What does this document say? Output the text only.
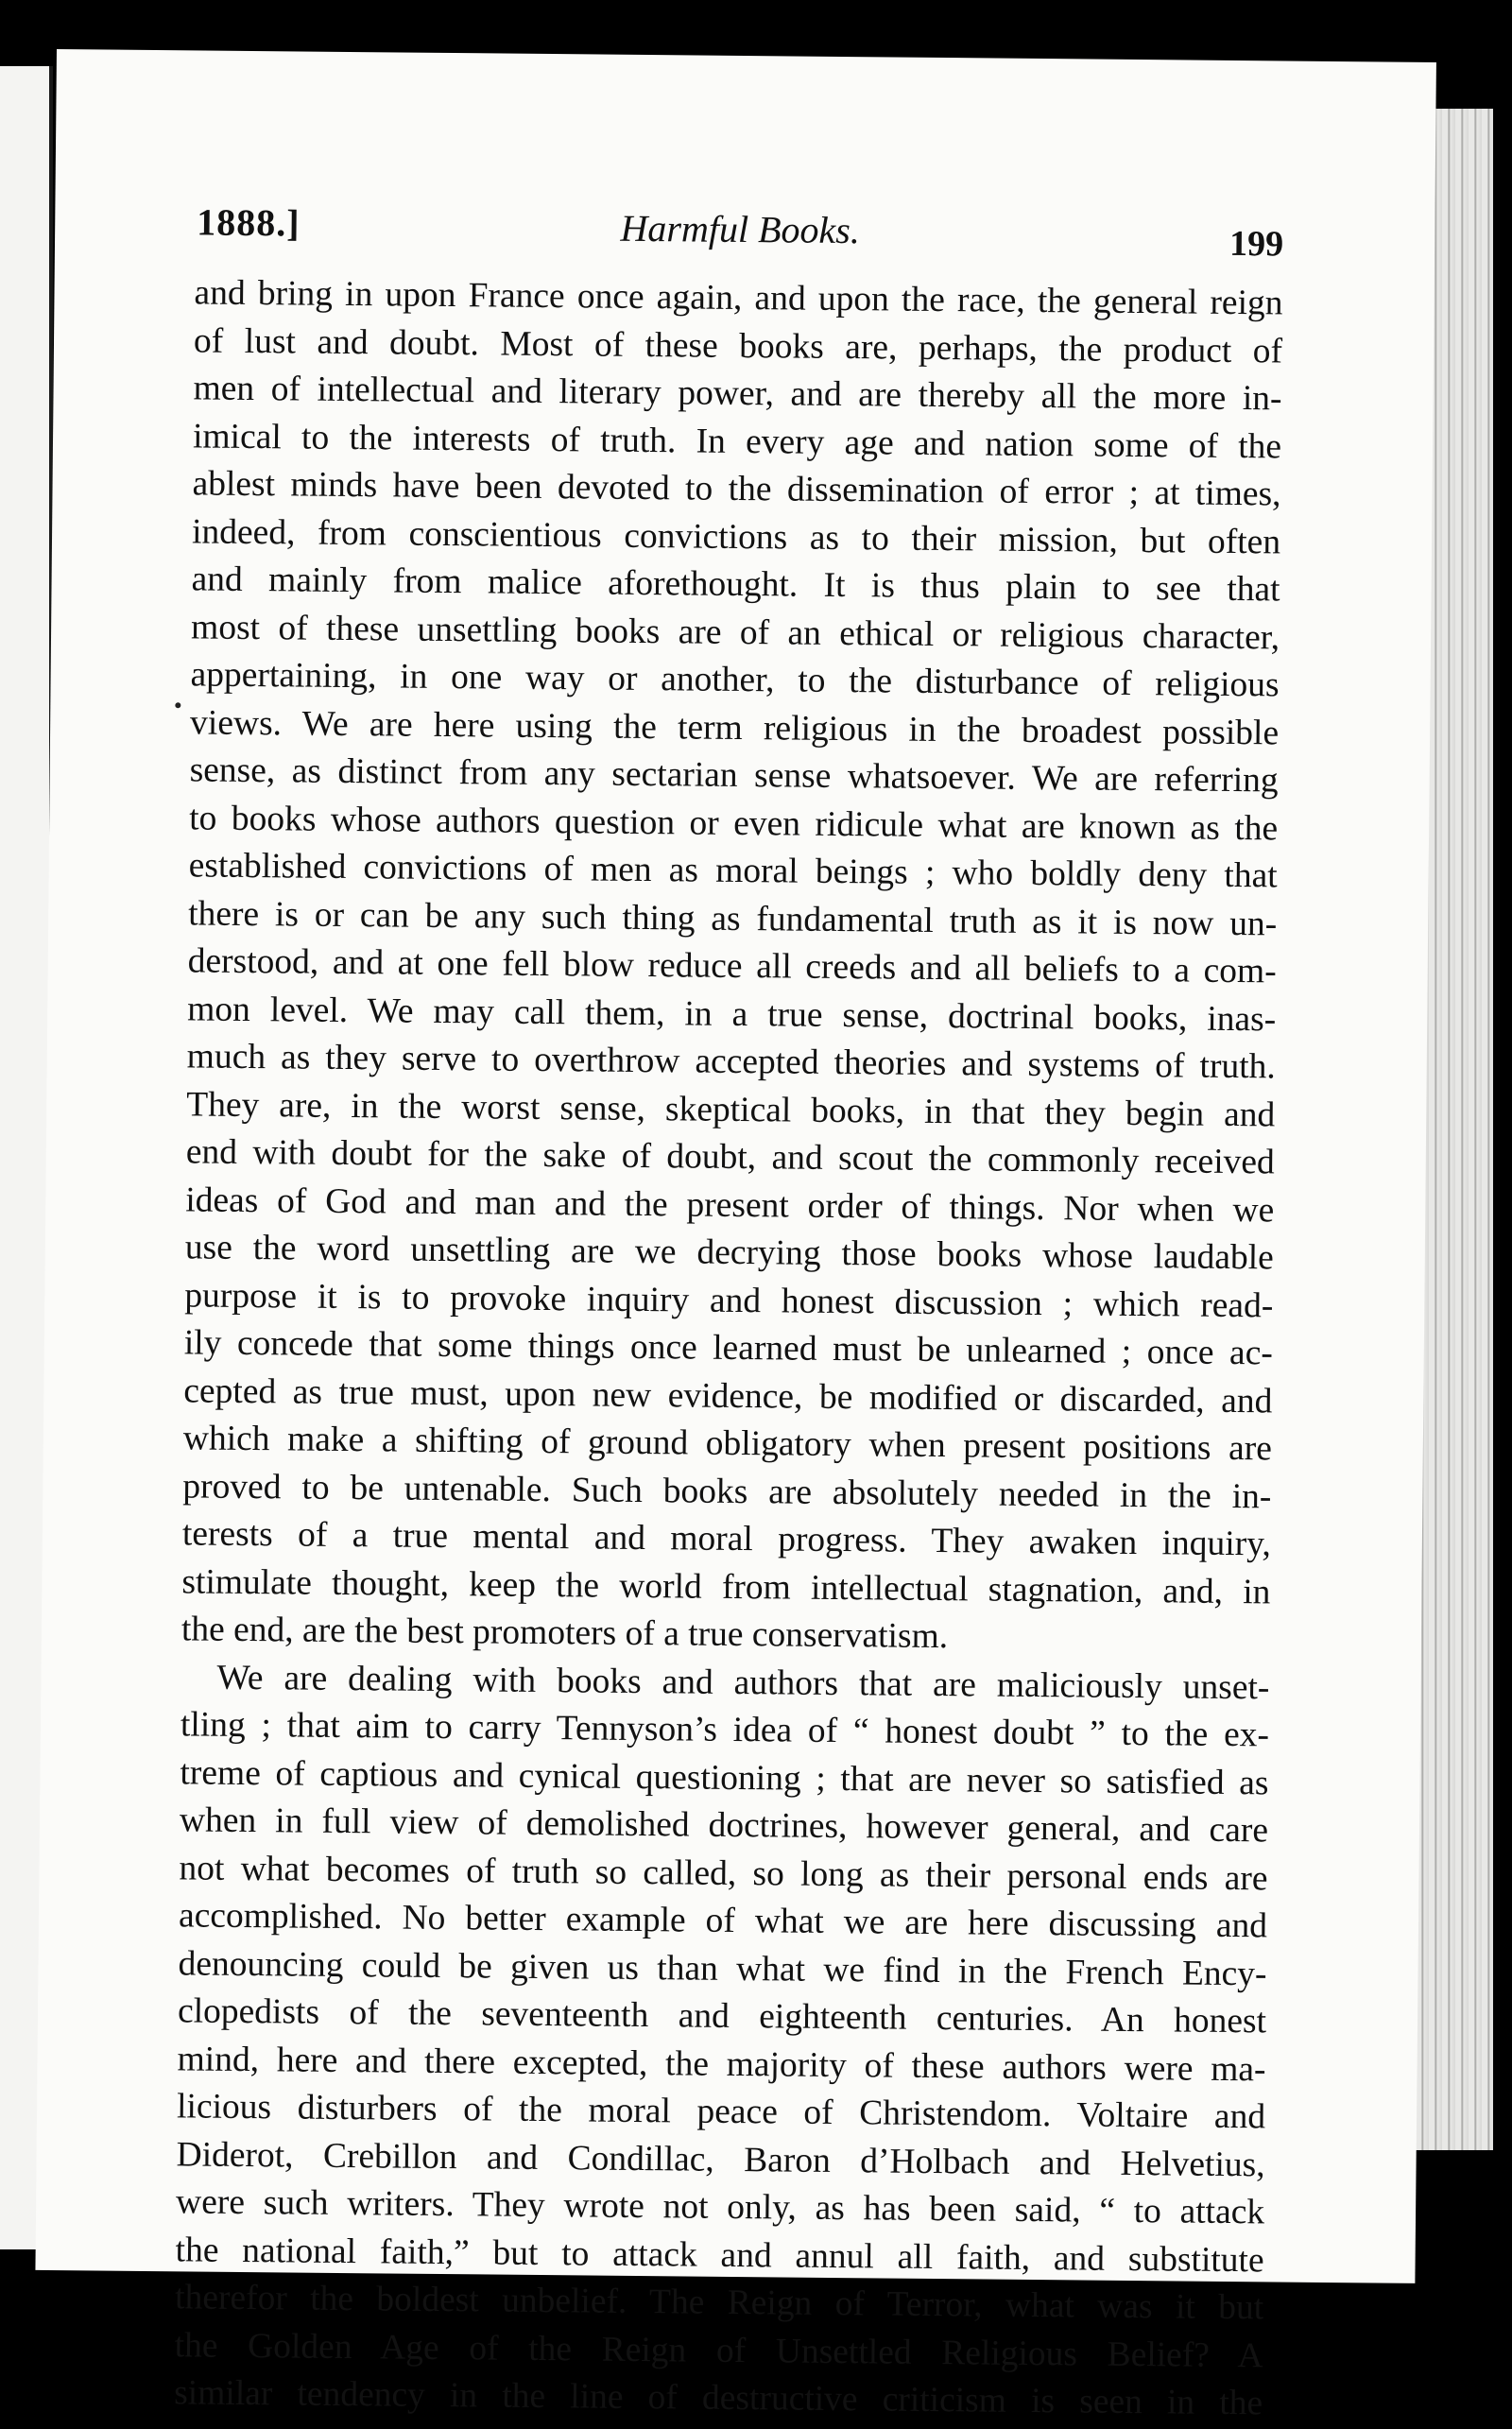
1888.]	Harmful Books.	199
and bring in upon France once again, and upon the race, the general reign
of lust and doubt. Most of these books are, perhaps, the product of
men of intellectual and literary power, and are thereby all the more in-
imical to the interests of truth. In every age and nation some of the
ablest minds have been devoted to the dissemination of error ; at times,
indeed, from conscientious convictions as to their mission, but often
and mainly from malice aforethought. It is thus plain to see that
most of these unsettling books are of an ethical or religious character,
appertaining, in one way or another, to the disturbance of religious
views. We are here using the term religious in the broadest possible
sense, as distinct from any sectarian sense whatsoever. We are referring
to books whose authors question or even ridicule what are known as the
established convictions of men as moral beings ; who boldly deny that
there is or can be any such thing as fundamental truth as it is now un-
derstood, and at one fell blow reduce all creeds and all beliefs to a com-
mon level. We may call them, in a true sense, doctrinal books, inas-
much as they serve to overthrow accepted theories and systems of truth.
They are, in the worst sense, skeptical books, in that they begin and
end with doubt for the sake of doubt, and scout the commonly received
ideas of God and man and the present order of things. Nor when we
use the word unsettling are we decrying those books whose laudable
purpose it is to provoke inquiry and honest discussion ; which read-
ily concede that some things once learned must be unlearned ; once ac-
cepted as true must, upon new evidence, be modified or discarded, and
which make a shifting of ground obligatory when present positions are
proved to be untenable. Such books are absolutely needed in the in-
terests of a true mental and moral progress. They awaken inquiry,
stimulate thought, keep the world from intellectual stagnation, and, in
the end, are the best promoters of a true conservatism.
We are dealing with books and authors that are maliciously unset-
tling ; that aim to carry Tennyson’s idea of “ honest doubt ” to the ex-
treme of captious and cynical questioning ; that are never so satisfied as
when in full view of demolished doctrines, however general, and care
not what becomes of truth so called, so long as their personal ends are
accomplished. No better example of what we are here discussing and
denouncing could be given us than what we find in the French Ency-
clopedists of the seventeenth and eighteenth centuries. An honest
mind, here and there excepted, the majority of these authors were ma-
licious disturbers of the moral peace of Christendom. Voltaire and
Diderot, Crebillon and Condillac, Baron d’Holbach and Helvetius,
were such writers. They wrote not only, as has been said, “ to attack
the national faith,” but to attack and annul all faith, and substitute
therefor the boldest unbelief. The Reign of Terror, what was it but
the Golden Age of the Reign of Unsettled Religious Belief? A
similar tendency in the line of destructive criticism is seen in the
